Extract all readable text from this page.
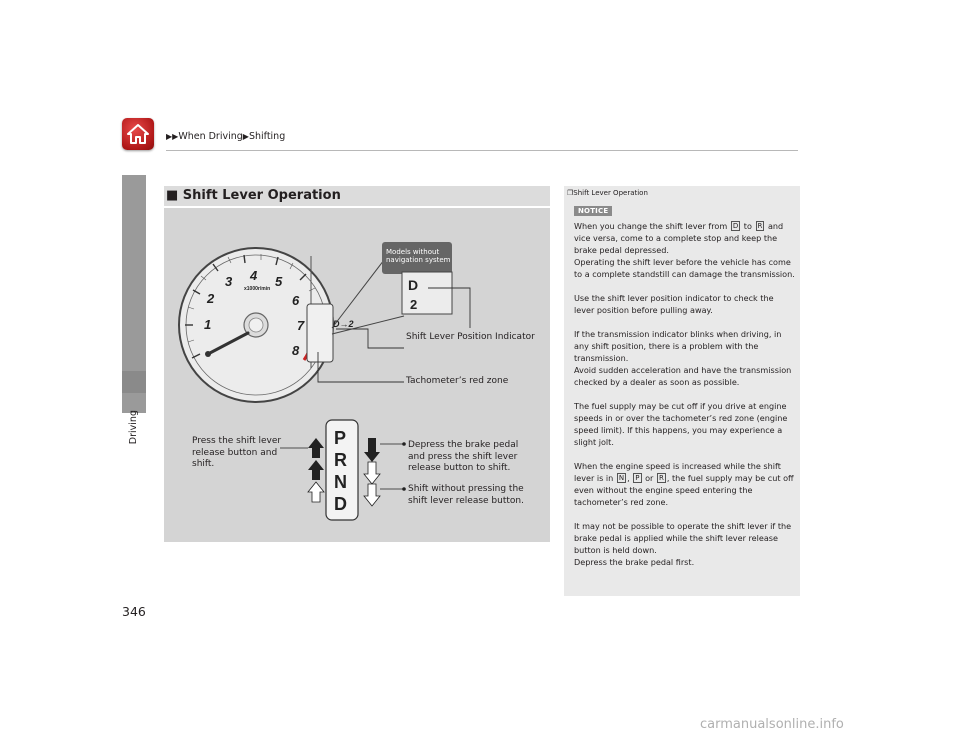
▶▶When Driving▶Shifting
Driving
346
■ Shift Lever Operation
1
2
3 4 5
6
7
8
x1000r/min
D→2
D
2
P
R
N
D
Models without navigation system
Shift Lever Position Indicator
Tachometer’s red zone
Press the shift lever
release button and
shift.
Depress the brake pedal
and press the shift lever
release button to shift.
Shift without pressing the
shift lever release button.
❐Shift Lever Operation
NOTICE

When you change the shift lever from D to R and vice versa, come to a complete stop and keep the brake pedal depressed.
Operating the shift lever before the vehicle has come to a complete standstill can damage the transmission.

Use the shift lever position indicator to check the lever position before pulling away.

If the transmission indicator blinks when driving, in any shift position, there is a problem with the transmission.
Avoid sudden acceleration and have the transmission checked by a dealer as soon as possible.

The fuel supply may be cut off if you drive at engine speeds in or over the tachometer’s red zone (engine speed limit). If this happens, you may experience a slight jolt.

When the engine speed is increased while the shift lever is in N , P or R , the fuel supply may be cut off even without the engine speed entering the tachometer’s red zone.

It may not be possible to operate the shift lever if the brake pedal is applied while the shift lever release button is held down.
Depress the brake pedal first.

carmanualsonline.info
